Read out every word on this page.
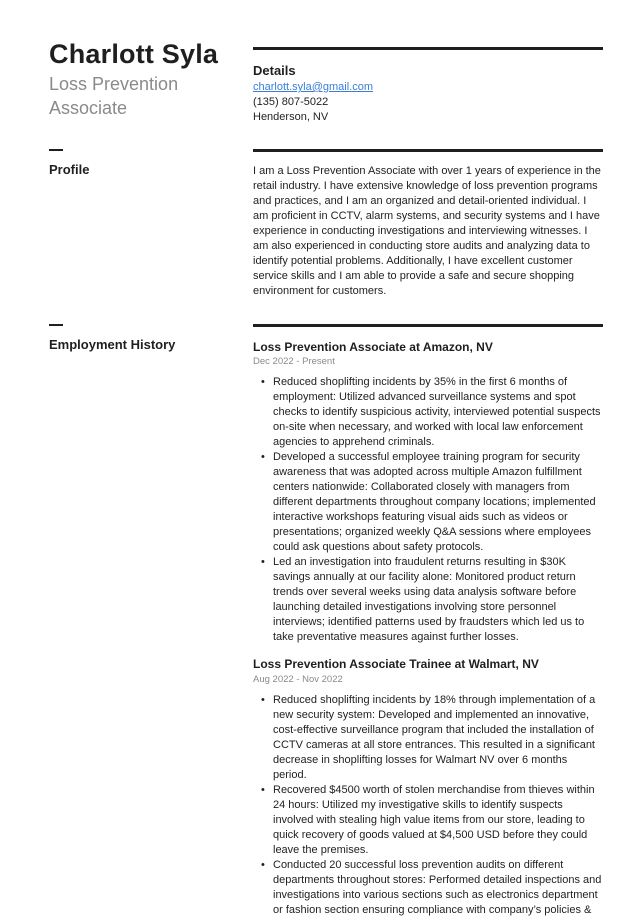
Charlott Syla
Loss Prevention Associate
Details
charlott.syla@gmail.com
(135) 807-5022
Henderson, NV
Profile	I am a Loss Prevention Associate with over 1 years of experience in the retail industry. I have extensive knowledge of loss prevention programs and practices, and I am an organized and detail-oriented individual. I am proficient in CCTV, alarm systems, and security systems and I have experience in conducting investigations and interviewing witnesses. I am also experienced in conducting store audits and analyzing data to identify potential problems. Additionally, I have excellent customer service skills and I am able to provide a safe and secure shopping environment for customers.
Employment History	Loss Prevention Associate at Amazon, NV
Dec 2022 - Present
• Reduced shoplifting incidents by 35% in the first 6 months of employment: Utilized advanced surveillance systems and spot checks to identify suspicious activity, interviewed potential suspects on-site when necessary, and worked with local law enforcement agencies to apprehend criminals.
• Developed a successful employee training program for security awareness that was adopted across multiple Amazon fulfillment centers nationwide: Collaborated closely with managers from different departments throughout company locations; implemented interactive workshops featuring visual aids such as videos or presentations; organized weekly Q&A sessions where employees could ask questions about safety protocols.
• Led an investigation into fraudulent returns resulting in $30K savings annually at our facility alone: Monitored product return trends over several weeks using data analysis software before launching detailed investigations involving store personnel interviews; identified patterns used by fraudsters which led us to take preventative measures against further losses.
Loss Prevention Associate Trainee at Walmart, NV
Aug 2022 - Nov 2022
• Reduced shoplifting incidents by 18% through implementation of a new security system: Developed and implemented an innovative, cost-effective surveillance program that included the installation of CCTV cameras at all store entrances. This resulted in a significant decrease in shoplifting losses for Walmart NV over 6 months period.
• Recovered $4500 worth of stolen merchandise from thieves within 24 hours: Utilized my investigative skills to identify suspects involved with stealing high value items from our store, leading to quick recovery of goods valued at $4,500 USD before they could leave the premises.
• Conducted 20 successful loss prevention audits on different departments throughout stores: Performed detailed inspections and investigations into various sections such as electronics department or fashion section ensuring compliance with company’s policies &
